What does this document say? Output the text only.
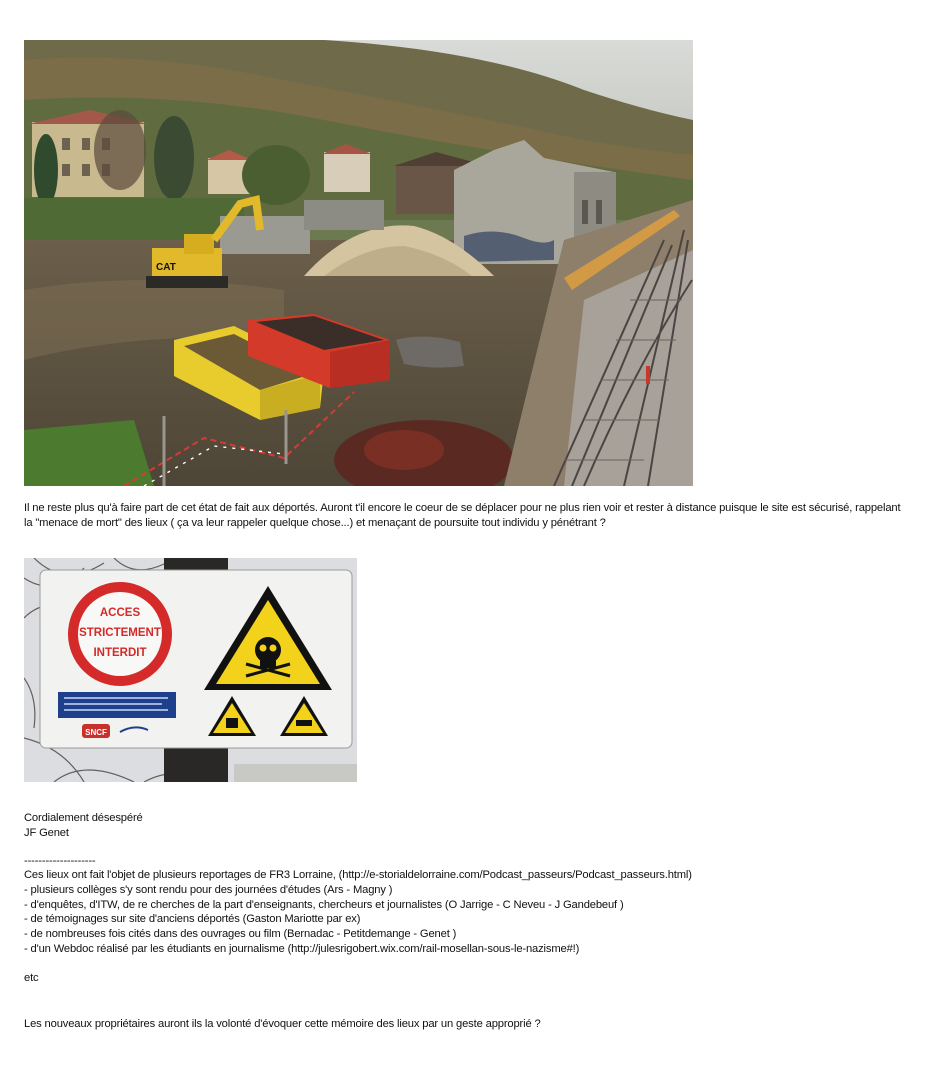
CAT
Il ne reste plus qu'à faire part de cet état de fait aux déportés. Auront t'il encore le coeur de se déplacer pour ne plus rien voir et rester à distance puisque le site est sécurisé, rappelant la "menace de mort" des lieux ( ça va leur rappeler quelque chose...) et menaçant de poursuite tout individu y pénétrant ?
ACCES
STRICTEMENT
INTERDIT
SNCF
Cordialement désespéré
JF Genet
--------------------
Ces lieux ont fait l'objet de plusieurs reportages de FR3 Lorraine, (http://e-storialdelorraine.com/Podcast_passeurs/Podcast_passeurs.html)
- plusieurs collèges s'y sont rendu pour des journées d'études (Ars - Magny )
- d'enquêtes, d'ITW, de re cherches de la part d'enseignants, chercheurs et journalistes (O Jarrige - C Neveu - J Gandebeuf )
- de témoignages sur site d'anciens déportés (Gaston Mariotte par ex)
- de nombreuses fois cités dans des ouvrages ou film (Bernadac - Petitdemange - Genet )
- d'un Webdoc réalisé par les étudiants en journalisme (http://julesrigobert.wix.com/rail-mosellan-sous-le-nazisme#!)
etc
Les nouveaux propriétaires auront ils la volonté d'évoquer cette mémoire des lieux par un geste approprié ?
